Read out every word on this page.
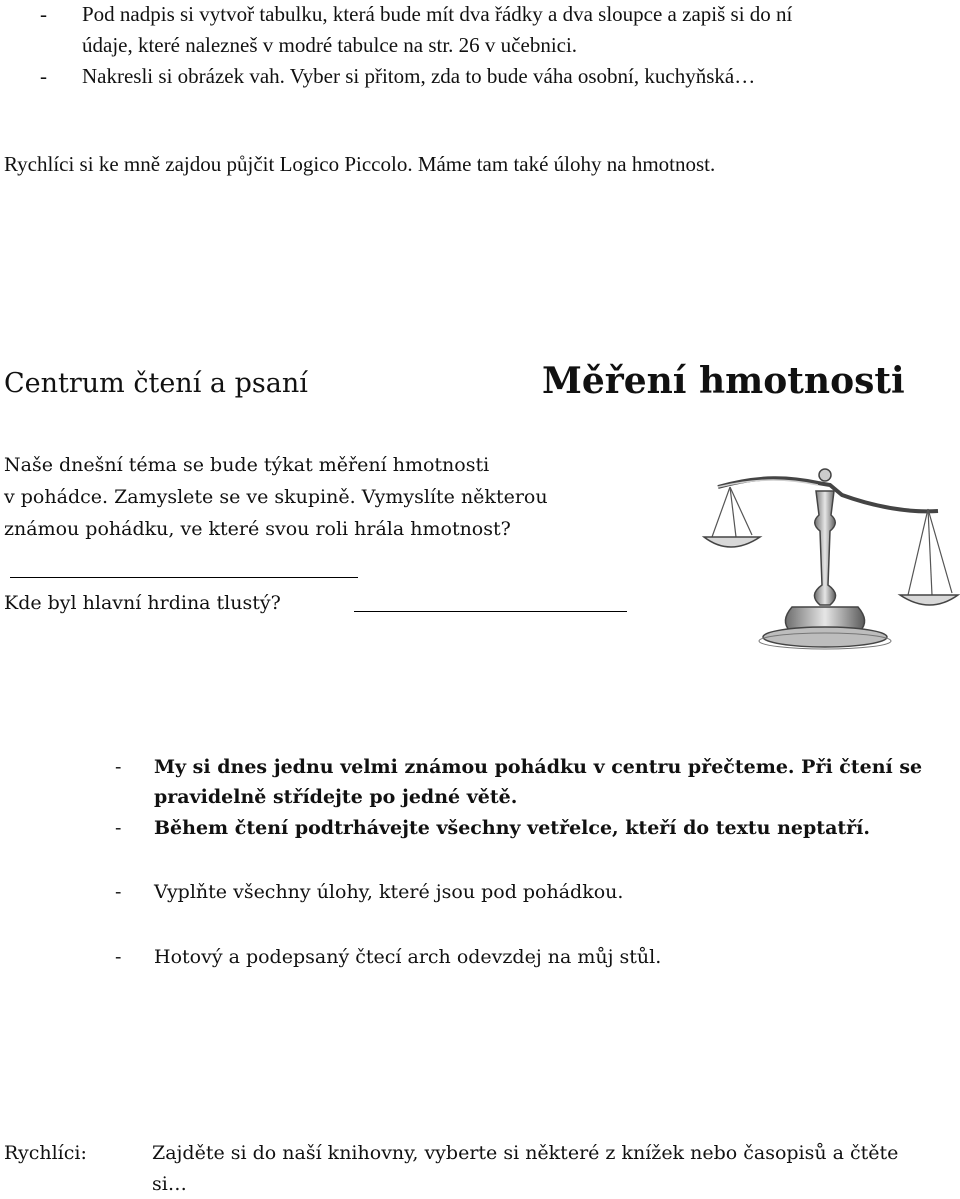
- Pod nadpis si vytvoř tabulku, která bude mít dva řádky a dva sloupce a zapiš si do ní
údaje, které nalezneš v modré tabulce na str. 26 v učebnici.
- Nakresli si obrázek vah. Vyber si přitom, zda to bude váha osobní, kuchyňská…
Rychlíci si ke mně zajdou půjčit Logico Piccolo. Máme tam také úlohy na hmotnost.
Centrum čtení a psaní	Měření hmotnosti
Naše dnešní téma se bude týkat měření hmotnosti
v pohádce. Zamyslete se ve skupině. Vymyslíte některou
známou pohádku, ve které svou roli hrála hmotnost?
Kde byl hlavní hrdina tlustý?
- My si dnes jednu velmi známou pohádku v centru přečteme. Při čtení se
pravidelně střídejte po jedné větě.
- Během čtení podtrhávejte všechny vetřelce, kteří do textu neptatří.
- Vyplňte všechny úlohy, které jsou pod pohádkou.
- Hotový a podepsaný čtecí arch odevzdej na můj stůl.
Rychlíci:	Zajděte si do naší knihovny, vyberte si některé z knížek nebo časopisů a čtěte
si…
